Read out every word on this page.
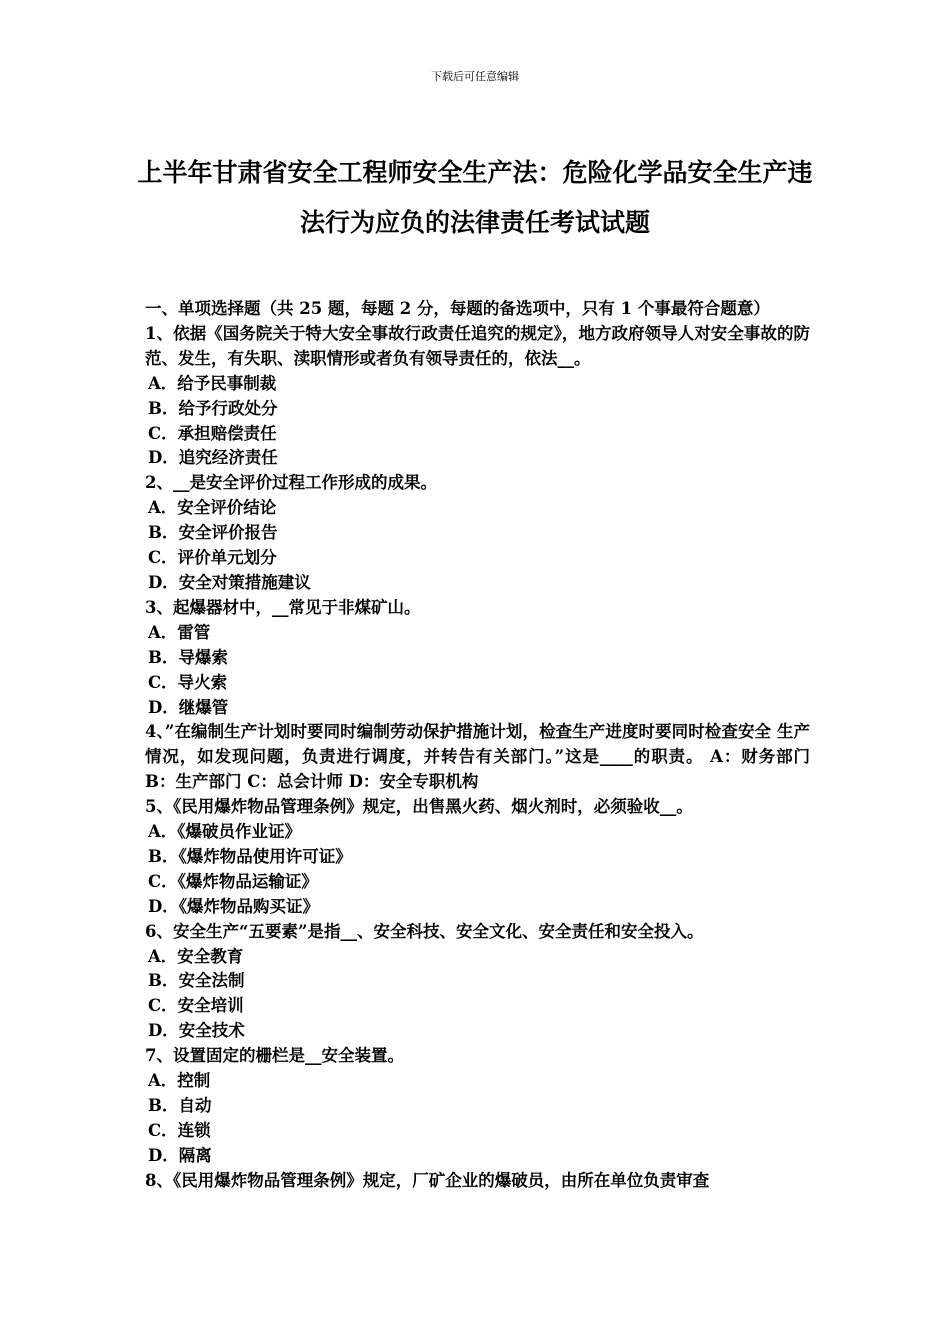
下载后可任意编辑
上半年甘肃省安全工程师安全生产法：危险化学品安全生产违法行为应负的法律责任考试试题
一、单项选择题（共 25 题，每题 2 分，每题的备选项中，只有 1 个事最符合题意）
1、依据《国务院关于特大安全事故行政责任追究的规定》，地方政府领导人对安全事故的防范、发生，有失职、渎职情形或者负有领导责任的，依法__。
A．给予民事制裁
B．给予行政处分
C．承担赔偿责任
D．追究经济责任
2、__是安全评价过程工作形成的成果。
A．安全评价结论
B．安全评价报告
C．评价单元划分
D．安全对策措施建议
3、起爆器材中，__常见于非煤矿山。
A．雷管
B．导爆索
C．导火索
D．继爆管
4、”在编制生产计划时要同时编制劳动保护措施计划，检查生产进度时要同时检查安全 生产情况，如发现问题，负责进行调度，并转告有关部门。”这是____的职责。 A：财务部门 B：生产部门 C：总会计师 D：安全专职机构
5、《民用爆炸物品管理条例》规定，出售黑火药、烟火剂时，必须验收__。
A．《爆破员作业证》
B．《爆炸物品使用许可证》
C．《爆炸物品运输证》
D．《爆炸物品购买证》
6、安全生产“五要素”是指__、安全科技、安全文化、安全责任和安全投入。
A．安全教育
B．安全法制
C．安全培训
D．安全技术
7、设置固定的栅栏是__安全装置。
A．控制
B．自动
C．连锁
D．隔离
8、《民用爆炸物品管理条例》规定，厂矿企业的爆破员，由所在单位负责审查
